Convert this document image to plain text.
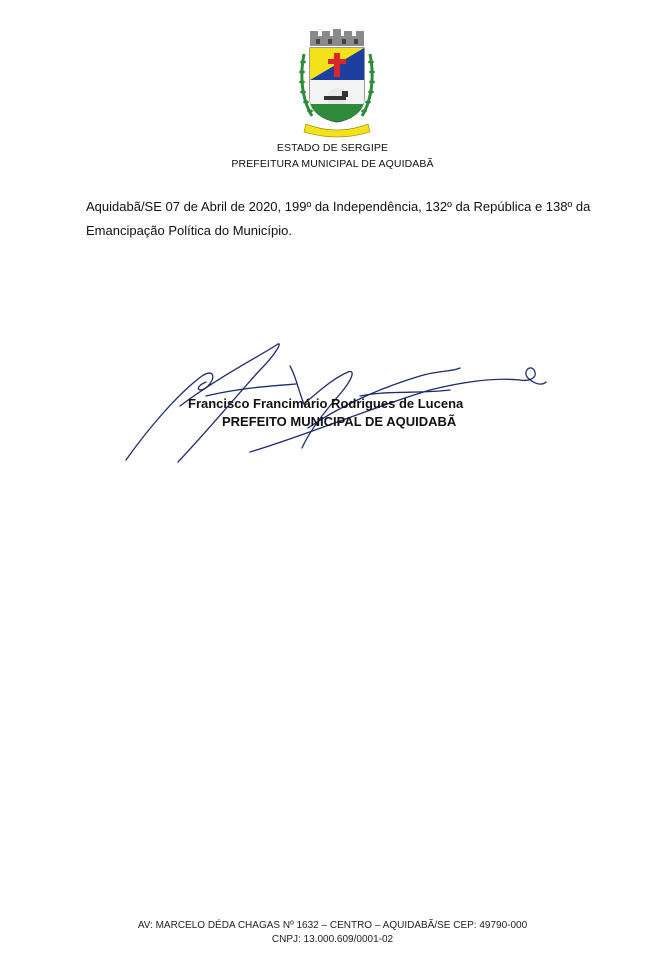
ESTADO DE SERGIPE
PREFEITURA MUNICIPAL DE AQUIDABÃ
Aquidabã/SE 07 de Abril de 2020, 199º da Independência, 132º da República e 138º da Emancipação Política do Município.
Francisco Francimário Rodrigues de Lucena
PREFEITO MUNICIPAL DE AQUIDABÃ
AV: MARCELO DÉDA CHAGAS Nº 1632 – CENTRO – AQUIDABÃ/SE CEP: 49790-000
CNPJ: 13.000.609/0001-02
